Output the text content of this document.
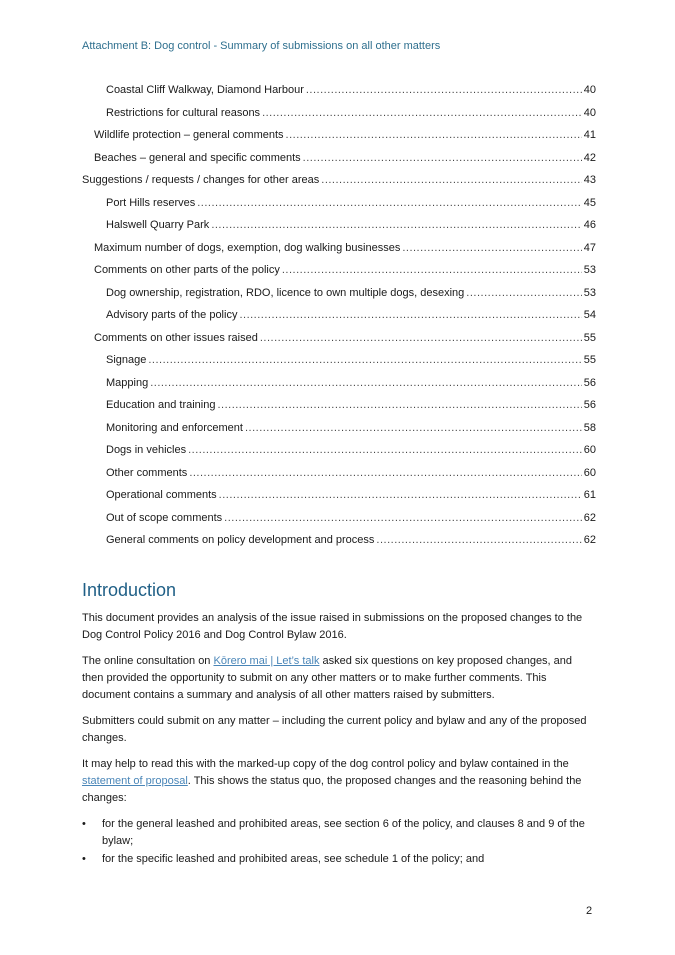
Attachment B: Dog control - Summary of submissions on all other matters
Coastal Cliff Walkway, Diamond Harbour .....	40
Restrictions for cultural reasons .....	40
Wildlife protection – general comments .....	41
Beaches – general and specific comments .....	42
Suggestions / requests / changes for other areas .....	43
Port Hills reserves .....	45
Halswell Quarry Park .....	46
Maximum number of dogs, exemption, dog walking businesses .....	47
Comments on other parts of the policy .....	53
Dog ownership, registration, RDO, licence to own multiple dogs, desexing .....	53
Advisory parts of the policy .....	54
Comments on other issues raised .....	55
Signage .....	55
Mapping .....	56
Education and training .....	56
Monitoring and enforcement .....	58
Dogs in vehicles .....	60
Other comments .....	60
Operational comments .....	61
Out of scope comments .....	62
General comments on policy development and process .....	62
Introduction

This document provides an analysis of the issue raised in submissions on the proposed changes to the Dog Control Policy 2016 and Dog Control Bylaw 2016.

The online consultation on Kōrero mai | Let’s talk asked six questions on key proposed changes, and then provided the opportunity to submit on any other matters or to make further comments. This document contains a summary and analysis of all other matters raised by submitters.

Submitters could submit on any matter – including the current policy and bylaw and any of the proposed changes.

It may help to read this with the marked-up copy of the dog control policy and bylaw contained in the statement of proposal. This shows the status quo, the proposed changes and the reasoning behind the changes:

• for the general leashed and prohibited areas, see section 6 of the policy, and clauses 8 and 9 of the bylaw;
• for the specific leashed and prohibited areas, see schedule 1 of the policy; and
2
